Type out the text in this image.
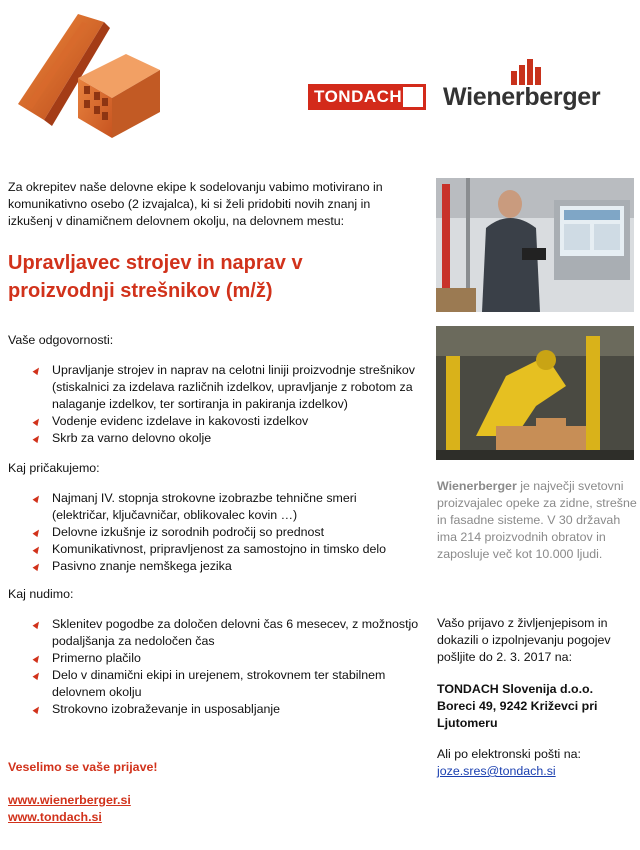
TONDACH Wienerberger
Za okrepitev naše delovne ekipe k sodelovanju vabimo motivirano in komunikativno osebo (2 izvajalca), ki si želi pridobiti novih znanj in izkušenj v dinamičnem delovnem okolju, na delovnem mestu:
Upravljavec strojev in naprav v
proizvodnji strešnikov (m/ž)
Vaše odgovornosti:
Upravljanje strojev in naprav na celotni liniji proizvodnje strešnikov (stiskalnici za izdelava različnih izdelkov, upravljanje z robotom za nalaganje izdelkov, ter sortiranja in pakiranja izdelkov)
Vodenje evidenc izdelave in kakovosti izdelkov
Skrb za varno delovno okolje
Kaj pričakujemo:
Najmanj IV. stopnja strokovne izobrazbe tehnične smeri (električar, ključavničar, oblikovalec kovin …)
Delovne izkušnje iz sorodnih področij so prednost
Komunikativnost, pripravljenost za samostojno in timsko delo
Pasivno znanje nemškega jezika
Kaj nudimo:
Sklenitev pogodbe za določen delovni čas 6 mesecev, z možnostjo podaljšanja za nedoločen čas
Primerno plačilo
Delo v dinamični ekipi in urejenem, strokovnem ter stabilnem delovnem okolju
Strokovno izobraževanje in usposabljanje
Veselimo se vaše prijave!
www.wienerberger.si
www.tondach.si
Wienerberger je največji svetovni proizvajalec opeke za zidne, strešne in fasadne sisteme. V 30 državah ima 214 proizvodnih obratov in zaposluje več kot 10.000 ljudi.
Vašo prijavo z življenjepisom in dokazili o izpolnjevanju pogojev pošljite do 2. 3. 2017 na:
TONDACH Slovenija d.o.o.
Boreci 49, 9242 Križevci pri Ljutomeru
Ali po elektronski pošti na:
joze.sres@tondach.si
